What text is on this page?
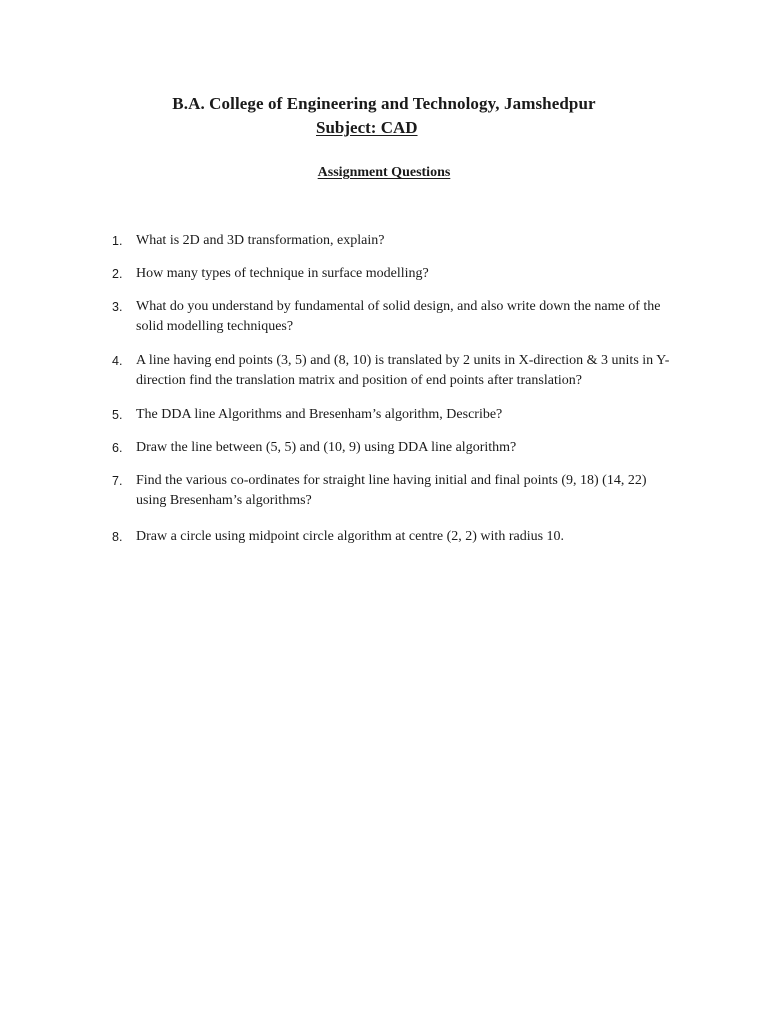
B.A. College of Engineering and Technology, Jamshedpur
Subject: CAD
Assignment Questions
1. What is 2D and 3D transformation, explain?
2. How many types of technique in surface modelling?
3. What do you understand by fundamental of solid design, and also write down the name of the solid modelling techniques?
4. A line having end points (3, 5) and (8, 10) is translated by 2 units in X-direction & 3 units in Y-direction find the translation matrix and position of end points after translation?
5. The DDA line Algorithms and Bresenham’s algorithm, Describe?
6. Draw the line between (5, 5) and (10, 9) using DDA line algorithm?
7. Find the various co-ordinates for straight line having initial and final points (9, 18) (14, 22) using Bresenham’s algorithms?
8. Draw a circle using midpoint circle algorithm at centre (2, 2) with radius 10.
